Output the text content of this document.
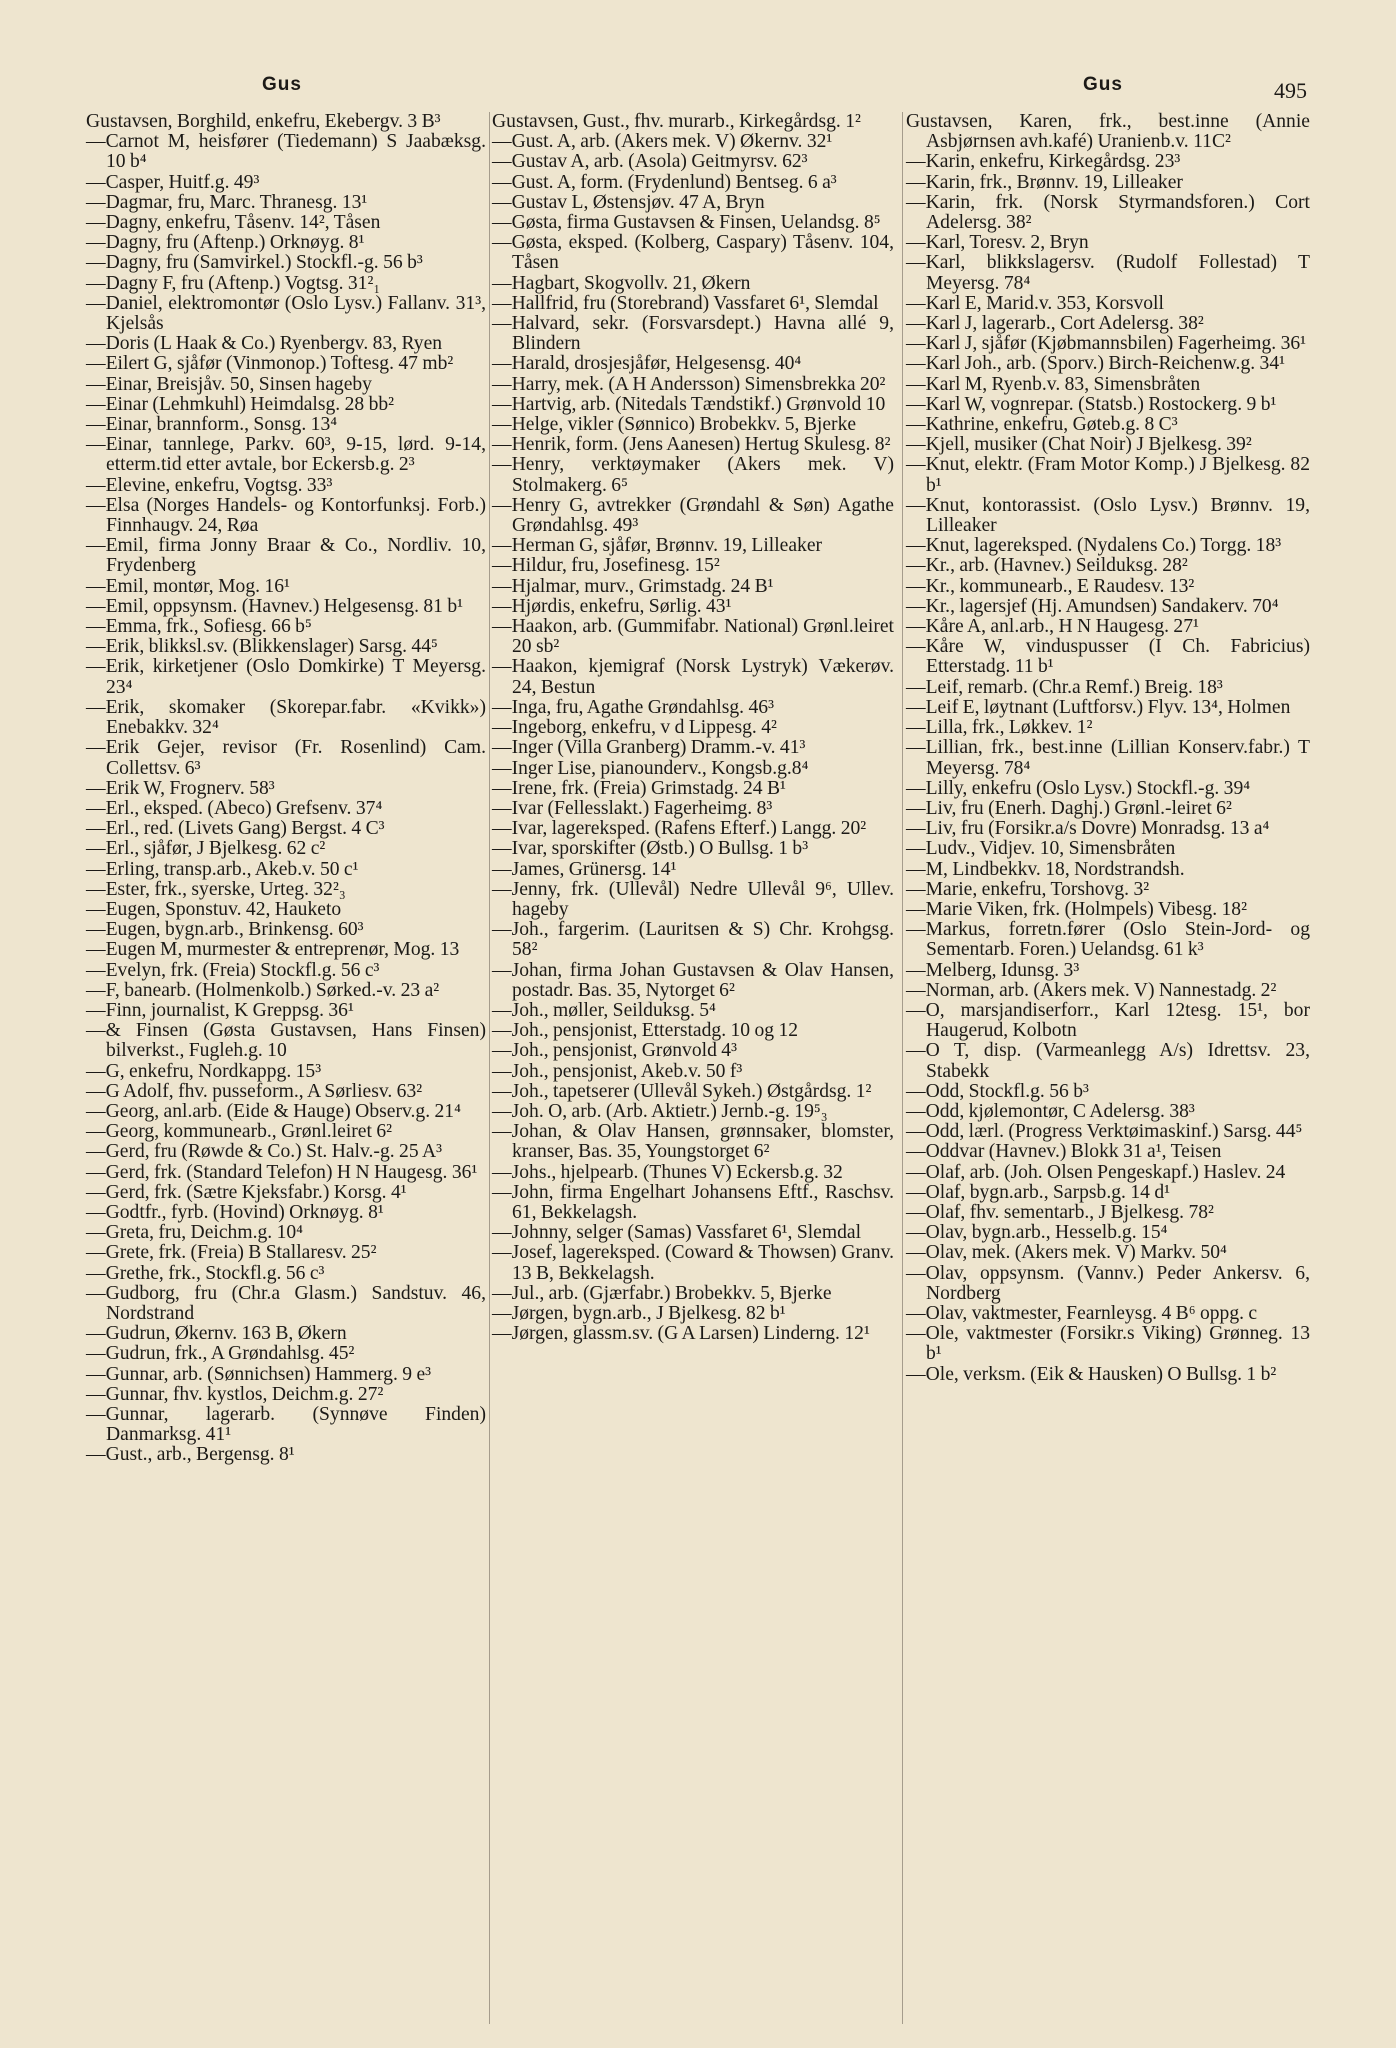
Gus	Gus	495
Gustavsen, Borghild, enkefru, Ekebergv. 3 B³
—Carnot M, heisfører (Tiedemann) S Jaabæksg. 10 b⁴
—Casper, Huitf.g. 49³
—Dagmar, fru, Marc. Thranesg. 13¹
—Dagny, enkefru, Tåsenv. 14², Tåsen
—Dagny, fru (Aftenp.) Orknøyg. 8¹
—Dagny, fru (Samvirkel.) Stockfl.-g. 56 b³
—Dagny F, fru (Aftenp.) Vogtsg. 31²₁
—Daniel, elektromontør (Oslo Lysv.) Fallanv. 31³, Kjelsås
—Doris (L Haak & Co.) Ryenbergv. 83, Ryen
—Eilert G, sjåfør (Vinmonop.) Toftesg. 47 mb²
—Einar, Breisjåv. 50, Sinsen hageby
—Einar (Lehmkuhl) Heimdalsg. 28 bb²
—Einar, brannform., Sonsg. 13⁴
—Einar, tannlege, Parkv. 60³, 9-15, lørd. 9-14, etterm.tid etter avtale, bor Eckersb.g. 2³
—Elevine, enkefru, Vogtsg. 33³
—Elsa (Norges Handels- og Kontorfunksj. Forb.) Finnhaugv. 24, Røa
—Emil, firma Jonny Braar & Co., Nordliv. 10, Frydenberg
—Emil, montør, Mog. 16¹
—Emil, oppsynsm. (Havnev.) Helgesensg. 81 b¹
—Emma, frk., Sofiesg. 66 b⁵
—Erik, blikksl.sv. (Blikkenslager) Sarsg. 44⁵
—Erik, kirketjener (Oslo Domkirke) T Meyersg. 23⁴
—Erik, skomaker (Skorepar.fabr. «Kvikk») Enebakkv. 32⁴
—Erik Gejer, revisor (Fr. Rosenlind) Cam. Collettsv. 6³
—Erik W, Frognerv. 58³
—Erl., eksped. (Abeco) Grefsenv. 37⁴
—Erl., red. (Livets Gang) Bergst. 4 C³
—Erl., sjåfør, J Bjelkesg. 62 c²
—Erling, transp.arb., Akeb.v. 50 c¹
—Ester, frk., syerske, Urteg. 32²₃
—Eugen, Sponstuv. 42, Hauketo
—Eugen, bygn.arb., Brinkensg. 60³
—Eugen M, murmester & entreprenør, Mog. 13
—Evelyn, frk. (Freia) Stockfl.g. 56 c³
—F, banearb. (Holmenkolb.) Sørked.-v. 23 a²
—Finn, journalist, K Greppsg. 36¹
—& Finsen (Gøsta Gustavsen, Hans Finsen) bilverkst., Fugleh.g. 10
—G, enkefru, Nordkappg. 15³
—G Adolf, fhv. pusseform., A Sørliesv. 63²
—Georg, anl.arb. (Eide & Hauge) Observ.g. 21⁴
—Georg, kommunearb., Grønl.leiret 6²
—Gerd, fru (Røwde & Co.) St. Halv.-g. 25 A³
—Gerd, frk. (Standard Telefon) H N Haugesg. 36¹
—Gerd, frk. (Sætre Kjeksfabr.) Korsg. 4¹
—Godtfr., fyrb. (Hovind) Orknøyg. 8¹
—Greta, fru, Deichm.g. 10⁴
—Grete, frk. (Freia) B Stallaresv. 25²
—Grethe, frk., Stockfl.g. 56 c³
—Gudborg, fru (Chr.a Glasm.) Sandstuv. 46, Nordstrand
—Gudrun, Økernv. 163 B, Økern
—Gudrun, frk., A Grøndahlsg. 45²
—Gunnar, arb. (Sønnichsen) Hammerg. 9 e³
—Gunnar, fhv. kystlos, Deichm.g. 27²
—Gunnar, lagerarb. (Synnøve Finden) Danmarksg. 41¹
—Gust., arb., Bergensg. 8¹
Gustavsen, Gust., fhv. murarb., Kirkegårdsg. 1²
—Gust. A, arb. (Akers mek. V) Økernv. 32¹
—Gustav A, arb. (Asola) Geitmyrsv. 62³
—Gust. A, form. (Frydenlund) Bentseg. 6 a³
—Gustav L, Østensjøv. 47 A, Bryn
—Gøsta, firma Gustavsen & Finsen, Uelandsg. 8⁵
—Gøsta, eksped. (Kolberg, Caspary) Tåsenv. 104, Tåsen
—Hagbart, Skogvollv. 21, Økern
—Hallfrid, fru (Storebrand) Vassfaret 6¹, Slemdal
—Halvard, sekr. (Forsvarsdept.) Havna allé 9, Blindern
—Harald, drosjesjåfør, Helgesensg. 40⁴
—Harry, mek. (A H Andersson) Simensbrekka 20²
—Hartvig, arb. (Nitedals Tændstikf.) Grønvold 10
—Helge, vikler (Sønnico) Brobekkv. 5, Bjerke
—Henrik, form. (Jens Aanesen) Hertug Skulesg. 8²
—Henry, verktøymaker (Akers mek. V) Stolmakerg. 6⁵
—Henry G, avtrekker (Grøndahl & Søn) Agathe Grøndahlsg. 49³
—Herman G, sjåfør, Brønnv. 19, Lilleaker
—Hildur, fru, Josefinesg. 15²
—Hjalmar, murv., Grimstadg. 24 B¹
—Hjørdis, enkefru, Sørlig. 43¹
—Haakon, arb. (Gummifabr. National) Grønl.leiret 20 sb²
—Haakon, kjemigraf (Norsk Lystryk) Vækerøv. 24, Bestun
—Inga, fru, Agathe Grøndahlsg. 46³
—Ingeborg, enkefru, v d Lippesg. 4²
—Inger (Villa Granberg) Dramm.-v. 41³
—Inger Lise, pianounderv., Kongsb.g.8⁴
—Irene, frk. (Freia) Grimstadg. 24 B¹
—Ivar (Fellesslakt.) Fagerheimg. 8³
—Ivar, lagereksped. (Rafens Efterf.) Langg. 20²
—Ivar, sporskifter (Østb.) O Bullsg. 1 b³
—James, Grünersg. 14¹
—Jenny, frk. (Ullevål) Nedre Ullevål 9⁶, Ullev. hageby
—Joh., fargerim. (Lauritsen & S) Chr. Krohgsg. 58²
—Johan, firma Johan Gustavsen & Olav Hansen, postadr. Bas. 35, Nytorget 6²
—Joh., møller, Seilduksg. 5⁴
—Joh., pensjonist, Etterstadg. 10 og 12
—Joh., pensjonist, Grønvold 4³
—Joh., pensjonist, Akeb.v. 50 f³
—Joh., tapetserer (Ullevål Sykeh.) Østgårdsg. 1²
—Joh. O, arb. (Arb. Aktietr.) Jernb.-g. 19⁵₃
—Johan, & Olav Hansen, grønnsaker, blomster, kranser, Bas. 35, Youngstorget 6²
—Johs., hjelpearb. (Thunes V) Eckersb.g. 32
—John, firma Engelhart Johansens Eftf., Raschsv. 61, Bekkelagsh.
—Johnny, selger (Samas) Vassfaret 6¹, Slemdal
—Josef, lagereksped. (Coward & Thowsen) Granv. 13 B, Bekkelagsh.
—Jul., arb. (Gjærfabr.) Brobekkv. 5, Bjerke
—Jørgen, bygn.arb., J Bjelkesg. 82 b¹
—Jørgen, glassm.sv. (G A Larsen) Linderng. 12¹
Gustavsen, Karen, frk., best.inne (Annie Asbjørnsen avh.kafé) Uranienb.v. 11C²
—Karin, enkefru, Kirkegårdsg. 23³
—Karin, frk., Brønnv. 19, Lilleaker
—Karin, frk. (Norsk Styrmandsforen.) Cort Adelersg. 38²
—Karl, Toresv. 2, Bryn
—Karl, blikkslagersv. (Rudolf Follestad) T Meyersg. 78⁴
—Karl E, Marid.v. 353, Korsvoll
—Karl J, lagerarb., Cort Adelersg. 38²
—Karl J, sjåfør (Kjøbmannsbilen) Fagerheimg. 36¹
—Karl Joh., arb. (Sporv.) Birch-Reichenw.g. 34¹
—Karl M, Ryenb.v. 83, Simensbråten
—Karl W, vognrepar. (Statsb.) Rostockerg. 9 b¹
—Kathrine, enkefru, Gøteb.g. 8 C³
—Kjell, musiker (Chat Noir) J Bjelkesg. 39²
—Knut, elektr. (Fram Motor Komp.) J Bjelkesg. 82 b¹
—Knut, kontorassist. (Oslo Lysv.) Brønnv. 19, Lilleaker
—Knut, lagereksped. (Nydalens Co.) Torgg. 18³
—Kr., arb. (Havnev.) Seilduksg. 28²
—Kr., kommunearb., E Raudesv. 13²
—Kr., lagersjef (Hj. Amundsen) Sandakerv. 70⁴
—Kåre A, anl.arb., H N Haugesg. 27¹
—Kåre W, vinduspusser (I Ch. Fabricius) Etterstadg. 11 b¹
—Leif, remarb. (Chr.a Remf.) Breig. 18³
—Leif E, løytnant (Luftforsv.) Flyv. 13⁴, Holmen
—Lilla, frk., Løkkev. 1²
—Lillian, frk., best.inne (Lillian Konserv.fabr.) T Meyersg. 78⁴
—Lilly, enkefru (Oslo Lysv.) Stockfl.-g. 39⁴
—Liv, fru (Enerh. Daghj.) Grønl.-leiret 6²
—Liv, fru (Forsikr.a/s Dovre) Monradsg. 13 a⁴
—Ludv., Vidjev. 10, Simensbråten
—M, Lindbekkv. 18, Nordstrandsh.
—Marie, enkefru, Torshovg. 3²
—Marie Viken, frk. (Holmpels) Vibesg. 18²
—Markus, forretn.fører (Oslo Stein-Jord- og Sementarb. Foren.) Uelandsg. 61 k³
—Melberg, Idunsg. 3³
—Norman, arb. (Akers mek. V) Nannestadg. 2²
—O, marsjandiserforr., Karl 12tesg. 15¹, bor Haugerud, Kolbotn
—O T, disp. (Varmeanlegg A/s) Idrettsv. 23, Stabekk
—Odd, Stockfl.g. 56 b³
—Odd, kjølemontør, C Adelersg. 38³
—Odd, lærl. (Progress Verktøimaskinf.) Sarsg. 44⁵
—Oddvar (Havnev.) Blokk 31 a¹, Teisen
—Olaf, arb. (Joh. Olsen Pengeskapf.) Haslev. 24
—Olaf, bygn.arb., Sarpsb.g. 14 d¹
—Olaf, fhv. sementarb., J Bjelkesg. 78²
—Olav, bygn.arb., Hesselb.g. 15⁴
—Olav, mek. (Akers mek. V) Markv. 50⁴
—Olav, oppsynsm. (Vannv.) Peder Ankersv. 6, Nordberg
—Olav, vaktmester, Fearnleysg. 4 B⁶ oppg. c
—Ole, vaktmester (Forsikr.s Viking) Grønneg. 13 b¹
—Ole, verksm. (Eik & Hausken) O Bullsg. 1 b²
